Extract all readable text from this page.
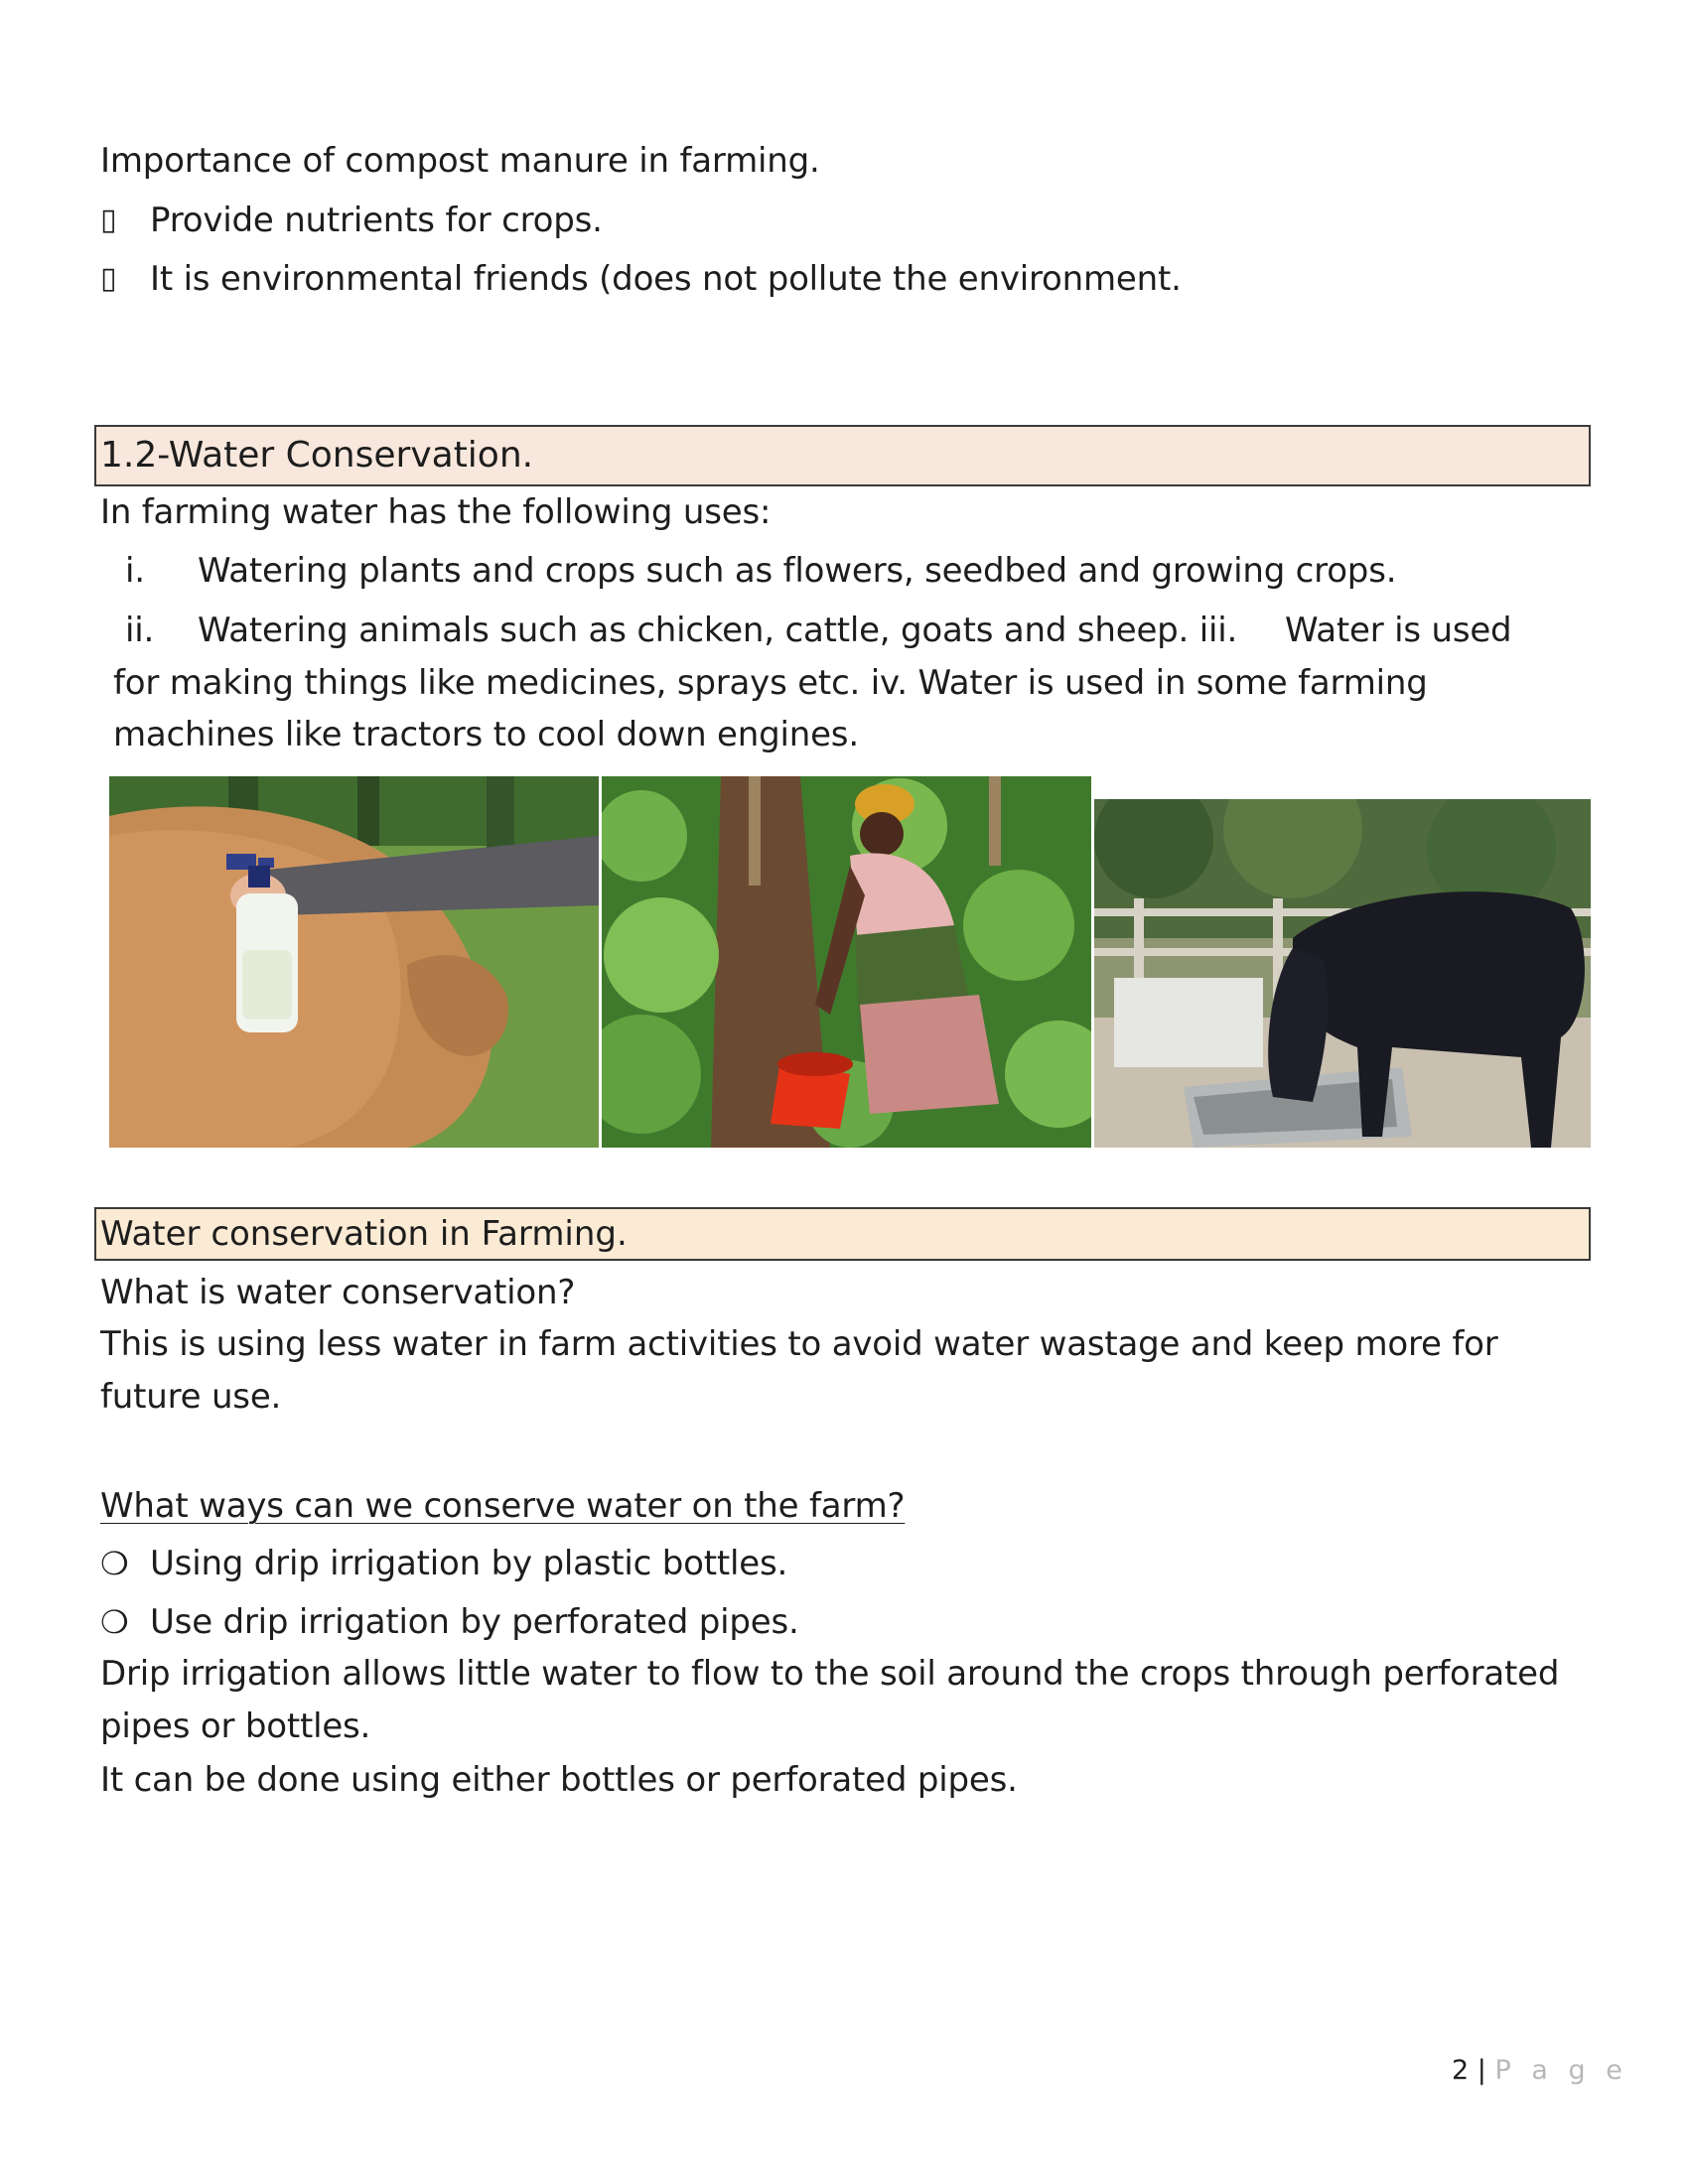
Importance of compost manure in farming.
▯ Provide nutrients for crops.
▯ It is environmental friends (does not pollute the environment.
1.2-Water Conservation.
In farming water has the following uses:
i. Watering plants and crops such as flowers, seedbed and growing crops.
ii. Watering animals such as chicken, cattle, goats and sheep. iii. Water is used
for making things like medicines, sprays etc. iv. Water is used in some farming
machines like tractors to cool down engines.
Water conservation in Farming.
What is water conservation?
This is using less water in farm activities to avoid water wastage and keep more for future use.
What ways can we conserve water on the farm?
❍ Using drip irrigation by plastic bottles.
❍ Use drip irrigation by perforated pipes.
Drip irrigation allows little water to flow to the soil around the crops through perforated pipes or bottles.
It can be done using either bottles or perforated pipes.
2 | P a g e
